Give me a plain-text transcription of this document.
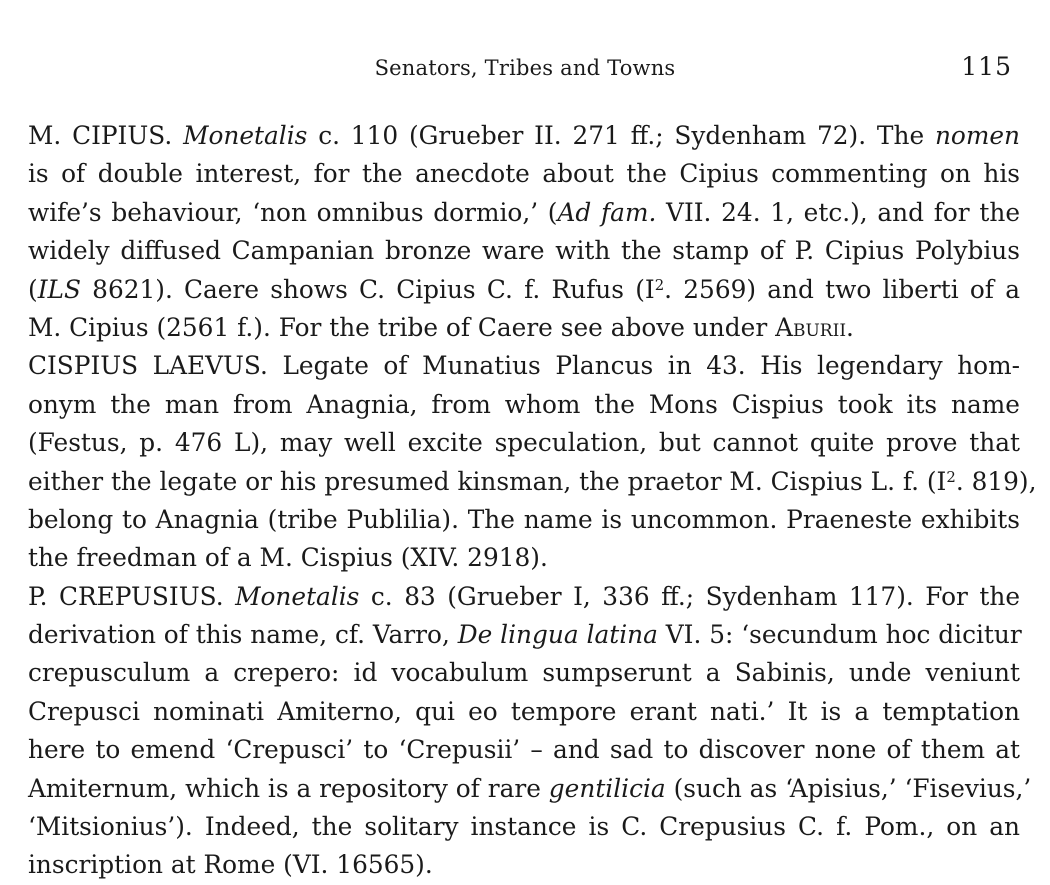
Senators, Tribes and Towns	115
M. CIPIUS. Monetalis c. 110 (Grueber II. 271 ff.; Sydenham 72). The nomen
is of double interest, for the anecdote about the Cipius commenting on his
wife’s behaviour, ‘non omnibus dormio,’ (Ad fam. VII. 24. 1, etc.), and for the
widely diffused Campanian bronze ware with the stamp of P. Cipius Polybius
(ILS 8621). Caere shows C. Cipius C. f. Rufus ($I^2$. 2569) and two liberti of a
M. Cipius (2561 f.). For the tribe of Caere see above under Aburii.
CISPIUS LAEVUS. Legate of Munatius Plancus in 43. His legendary hom-
onym the man from Anagnia, from whom the Mons Cispius took its name
(Festus, p. 476 L), may well excite speculation, but cannot quite prove that
either the legate or his presumed kinsman, the praetor M. Cispius L. f. ($I^2$. 819),
belong to Anagnia (tribe Publilia). The name is uncommon. Praeneste exhibits
the freedman of a M. Cispius (XIV. 2918).
P. CREPUSIUS. Monetalis c. 83 (Grueber I, 336 ff.; Sydenham 117). For the
derivation of this name, cf. Varro, De lingua latina VI. 5: ‘secundum hoc dicitur
crepusculum a crepero: id vocabulum sumpserunt a Sabinis, unde veniunt
Crepusci nominati Amiterno, qui eo tempore erant nati.’ It is a temptation
here to emend ‘Crepusci’ to ‘Crepusii’ – and sad to discover none of them at
Amiternum, which is a repository of rare gentilicia (such as ‘Apisius,’ ‘Fisevius,’
‘Mitsionius’). Indeed, the solitary instance is C. Crepusius C. f. Pom., on an
inscription at Rome (VI. 16565).
